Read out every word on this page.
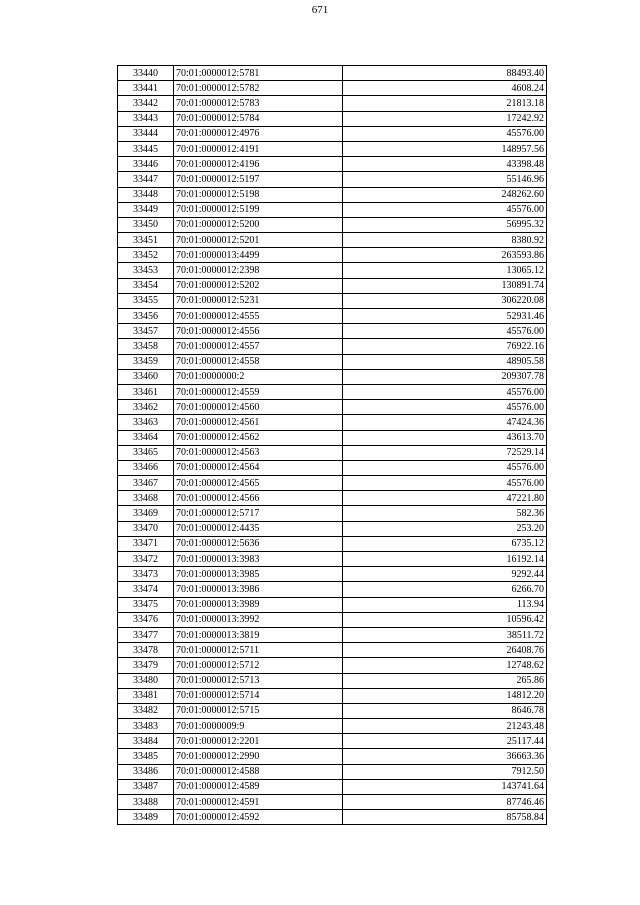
671
33440	70:01:0000012:5781	88493.40
33441	70:01:0000012:5782	4608.24
33442	70:01:0000012:5783	21813.18
33443	70:01:0000012:5784	17242.92
33444	70:01:0000012:4976	45576.00
33445	70:01:0000012:4191	148957.56
33446	70:01:0000012:4196	43398.48
33447	70:01:0000012:5197	55146.96
33448	70:01:0000012:5198	248262.60
33449	70:01:0000012:5199	45576.00
33450	70:01:0000012:5200	56995.32
33451	70:01:0000012:5201	8380.92
33452	70:01:0000013:4499	263593.86
33453	70:01:0000012:2398	13065.12
33454	70:01:0000012:5202	130891.74
33455	70:01:0000012:5231	306220.08
33456	70:01:0000012:4555	52931.46
33457	70:01:0000012:4556	45576.00
33458	70:01:0000012:4557	76922.16
33459	70:01:0000012:4558	48905.58
33460	70:01:0000000:2	209307.78
33461	70:01:0000012:4559	45576.00
33462	70:01:0000012:4560	45576.00
33463	70:01:0000012:4561	47424.36
33464	70:01:0000012:4562	43613.70
33465	70:01:0000012:4563	72529.14
33466	70:01:0000012:4564	45576.00
33467	70:01:0000012:4565	45576.00
33468	70:01:0000012:4566	47221.80
33469	70:01:0000012:5717	582.36
33470	70:01:0000012:4435	253.20
33471	70:01:0000012:5636	6735.12
33472	70:01:0000013:3983	16192.14
33473	70:01:0000013:3985	9292.44
33474	70:01:0000013:3986	6266.70
33475	70:01:0000013:3989	113.94
33476	70:01:0000013:3992	10596.42
33477	70:01:0000013:3819	38511.72
33478	70:01:0000012:5711	26408.76
33479	70:01:0000012:5712	12748.62
33480	70:01:0000012:5713	265.86
33481	70:01:0000012:5714	14812.20
33482	70:01:0000012:5715	8646.78
33483	70:01:0000009:9	21243.48
33484	70:01:0000012:2201	25117.44
33485	70:01:0000012:2990	36663.36
33486	70:01:0000012:4588	7912.50
33487	70:01:0000012:4589	143741.64
33488	70:01:0000012:4591	87746.46
33489	70:01:0000012:4592	85758.84
